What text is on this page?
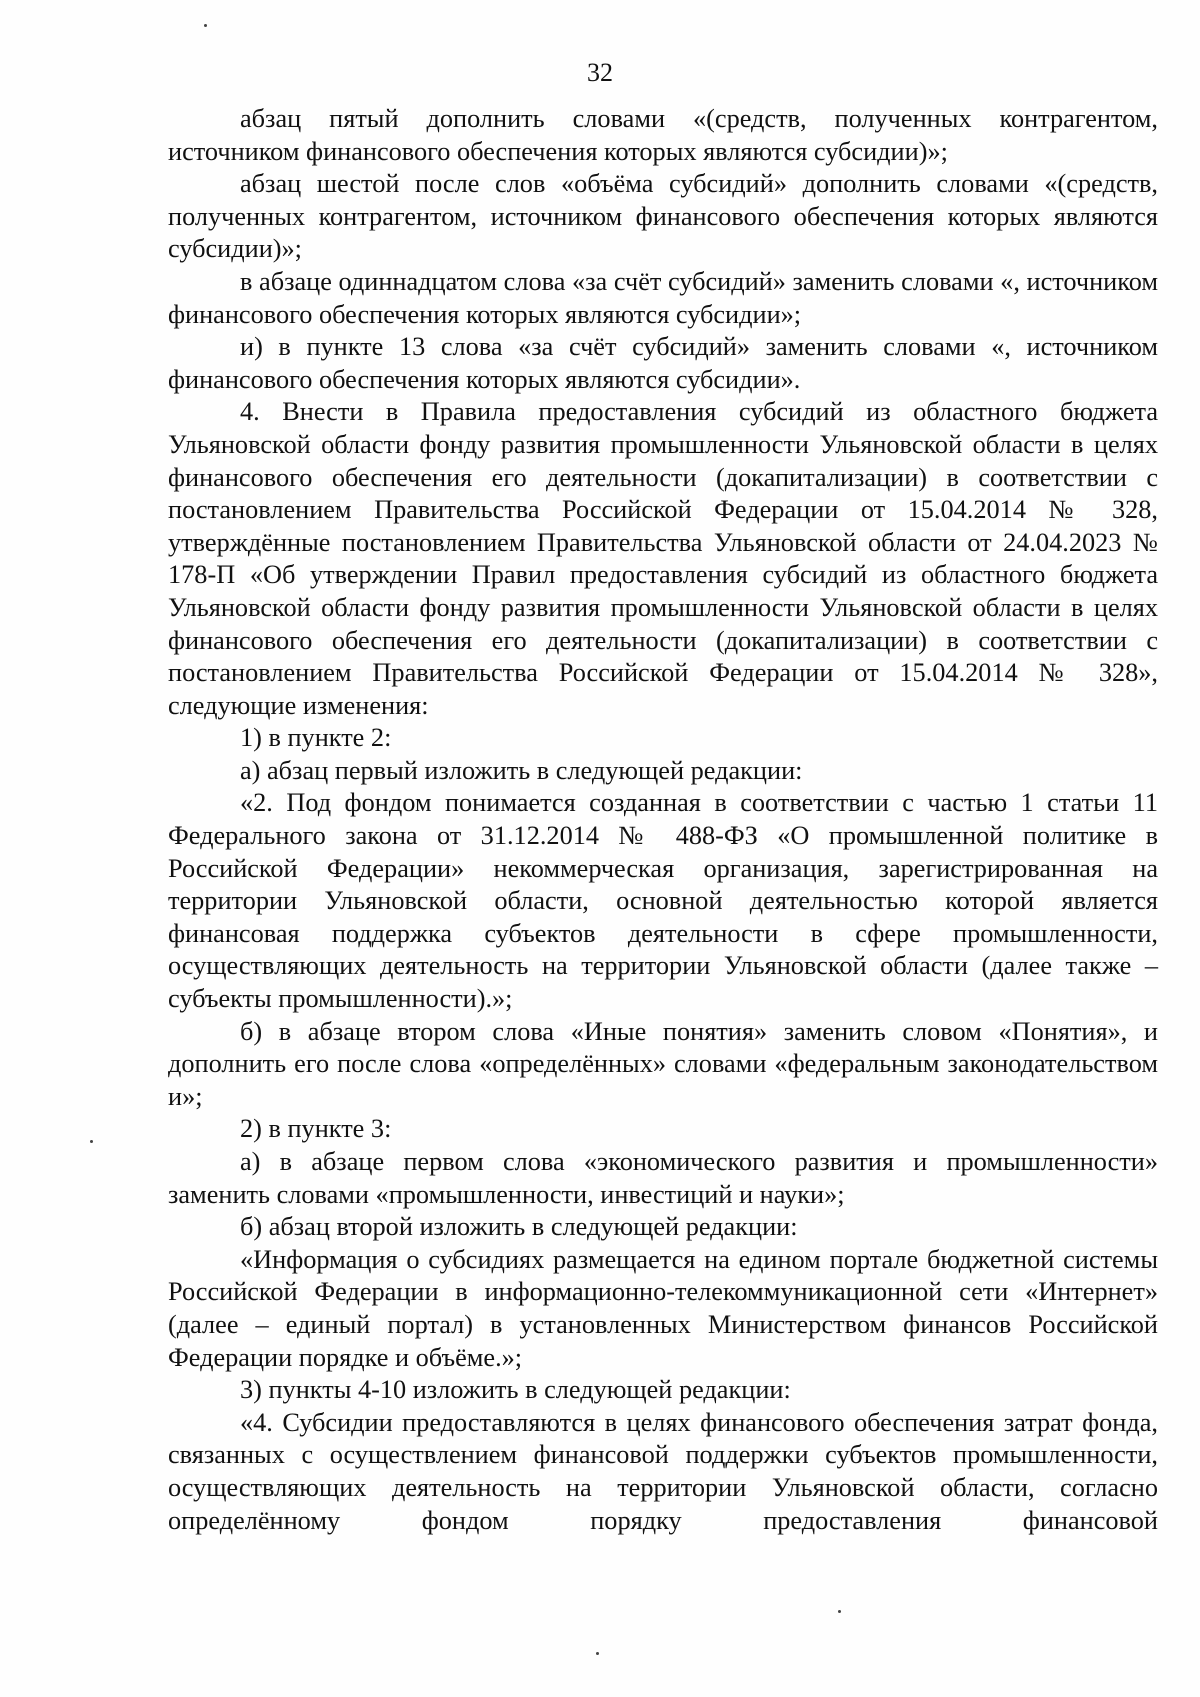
32

абзац пятый дополнить словами «(средств, полученных контрагентом, источником финансового обеспечения которых являются субсидии)»;

абзац шестой после слов «объёма субсидий» дополнить словами «(средств, полученных контрагентом, источником финансового обеспечения которых являются субсидии)»;

в абзаце одиннадцатом слова «за счёт субсидий» заменить словами «, источником финансового обеспечения которых являются субсидии»;

и) в пункте 13 слова «за счёт субсидий» заменить словами «, источником финансового обеспечения которых являются субсидии».

4. Внести в Правила предоставления субсидий из областного бюджета Ульяновской области фонду развития промышленности Ульяновской области в целях финансового обеспечения его деятельности (докапитализации) в соответствии с постановлением Правительства Российской Федерации от 15.04.2014 № 328, утверждённые постановлением Правительства Ульяновской области от 24.04.2023 № 178-П «Об утверждении Правил предоставления субсидий из областного бюджета Ульяновской области фонду развития промышленности Ульяновской области в целях финансового обеспечения его деятельности (докапитализации) в соответствии с постановлением Правительства Российской Федерации от 15.04.2014 № 328», следующие изменения:

1) в пункте 2:

а) абзац первый изложить в следующей редакции:

«2. Под фондом понимается созданная в соответствии с частью 1 статьи 11 Федерального закона от 31.12.2014 № 488-ФЗ «О промышленной политике в Российской Федерации» некоммерческая организация, зарегистрированная на территории Ульяновской области, основной деятельностью которой является финансовая поддержка субъектов деятельности в сфере промышленности, осуществляющих деятельность на территории Ульяновской области (далее также – субъекты промышленности).»;

б) в абзаце втором слова «Иные понятия» заменить словом «Понятия», и дополнить его после слова «определённых» словами «федеральным законодательством и»;

2) в пункте 3:

а) в абзаце первом слова «экономического развития и промышленности» заменить словами «промышленности, инвестиций и науки»;

б) абзац второй изложить в следующей редакции:

«Информация о субсидиях размещается на едином портале бюджетной системы Российской Федерации в информационно-телекоммуникационной сети «Интернет» (далее – единый портал) в установленных Министерством финансов Российской Федерации порядке и объёме.»;

3) пункты 4-10 изложить в следующей редакции:

«4. Субсидии предоставляются в целях финансового обеспечения затрат фонда, связанных с осуществлением финансовой поддержки субъектов промышленности, осуществляющих деятельность на территории Ульяновской области, согласно определённому фондом порядку предоставления финансовой
